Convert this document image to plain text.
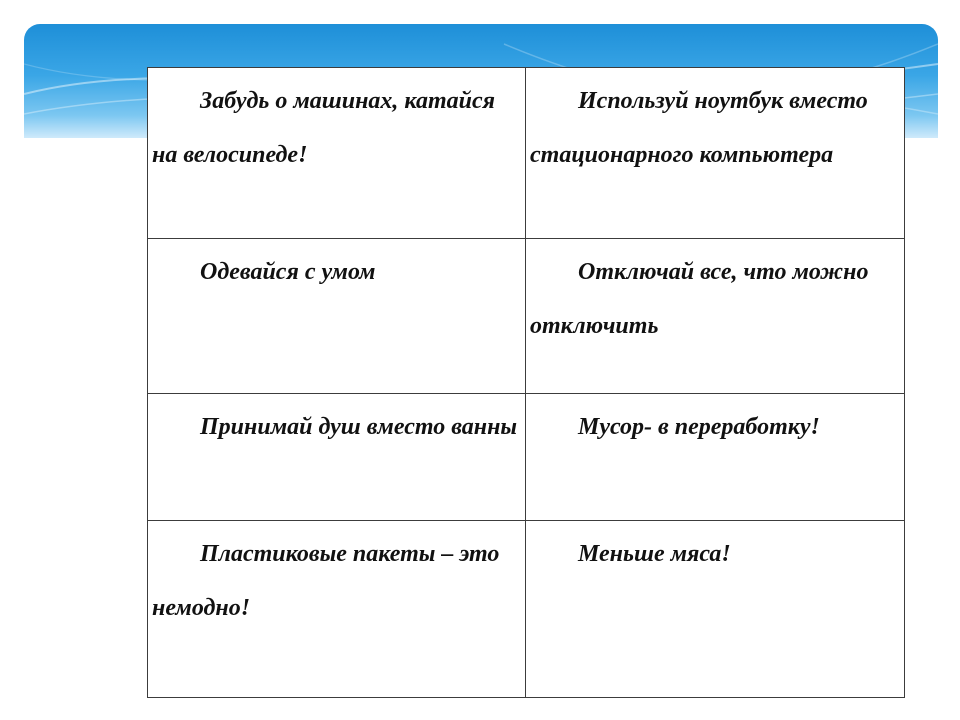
Забудь о машинах, катайся на велосипеде!	Используй ноутбук вместо стационарного компьютера
Одевайся с умом	Отключай все, что можно отключить
Принимай душ вместо ванны	Мусор- в переработку!
Пластиковые пакеты – это немодно!	Меньше мяса!
